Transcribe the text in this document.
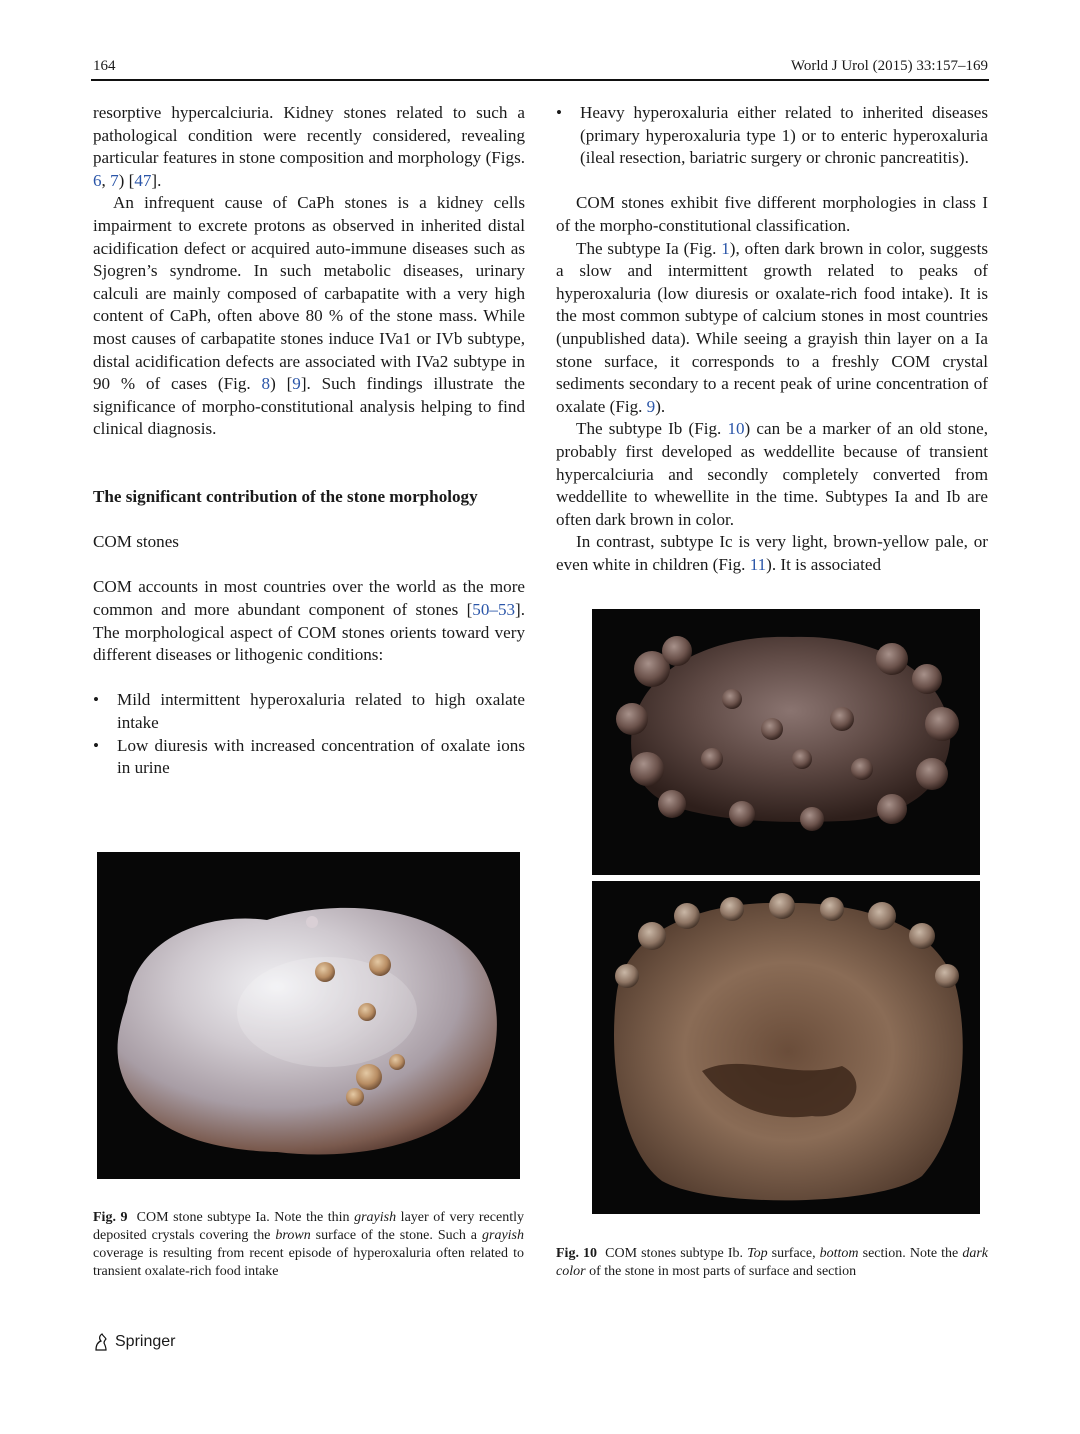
164	World J Urol (2015) 33:157–169

resorptive hypercalciuria. Kidney stones related to such a pathological condition were recently considered, revealing particular features in stone composition and morphology (Figs. 6, 7) [47].

An infrequent cause of CaPh stones is a kidney cells impairment to excrete protons as observed in inherited distal acidification defect or acquired auto-immune diseases such as Sjogren’s syndrome. In such metabolic diseases, urinary calculi are mainly composed of carbapatite with a very high content of CaPh, often above 80 % of the stone mass. While most causes of carbapatite stones induce IVa1 or IVb subtype, distal acidification defects are associated with IVa2 subtype in 90 % of cases (Fig. 8) [9]. Such findings illustrate the significance of morpho-constitutional analysis helping to find clinical diagnosis.

The significant contribution of the stone morphology

COM stones

COM accounts in most countries over the world as the more common and more abundant component of stones [50–53]. The morphological aspect of COM stones orients toward very different diseases or lithogenic conditions:

• Mild intermittent hyperoxaluria related to high oxalate intake
• Low diuresis with increased concentration of oxalate ions in urine
• Heavy hyperoxaluria either related to inherited diseases (primary hyperoxaluria type 1) or to enteric hyperoxaluria (ileal resection, bariatric surgery or chronic pancreatitis).

COM stones exhibit five different morphologies in class I of the morpho-constitutional classification.

The subtype Ia (Fig. 1), often dark brown in color, suggests a slow and intermittent growth related to peaks of hyperoxaluria (low diuresis or oxalate-rich food intake). It is the most common subtype of calcium stones in most countries (unpublished data). While seeing a grayish thin layer on a Ia stone surface, it corresponds to a freshly COM crystal sediments secondary to a recent peak of urine concentration of oxalate (Fig. 9).

The subtype Ib (Fig. 10) can be a marker of an old stone, probably first developed as weddellite because of transient hypercalciuria and secondly completely converted from weddellite to whewellite in the time. Subtypes Ia and Ib are often dark brown in color.

In contrast, subtype Ic is very light, brown-yellow pale, or even white in children (Fig. 11). It is associated

Fig. 9 COM stone subtype Ia. Note the thin grayish layer of very recently deposited crystals covering the brown surface of the stone. Such a grayish coverage is resulting from recent episode of hyperoxaluria often related to transient oxalate-rich food intake
Fig. 10 COM stones subtype Ib. Top surface, bottom section. Note the dark color of the stone in most parts of surface and section
Springer
